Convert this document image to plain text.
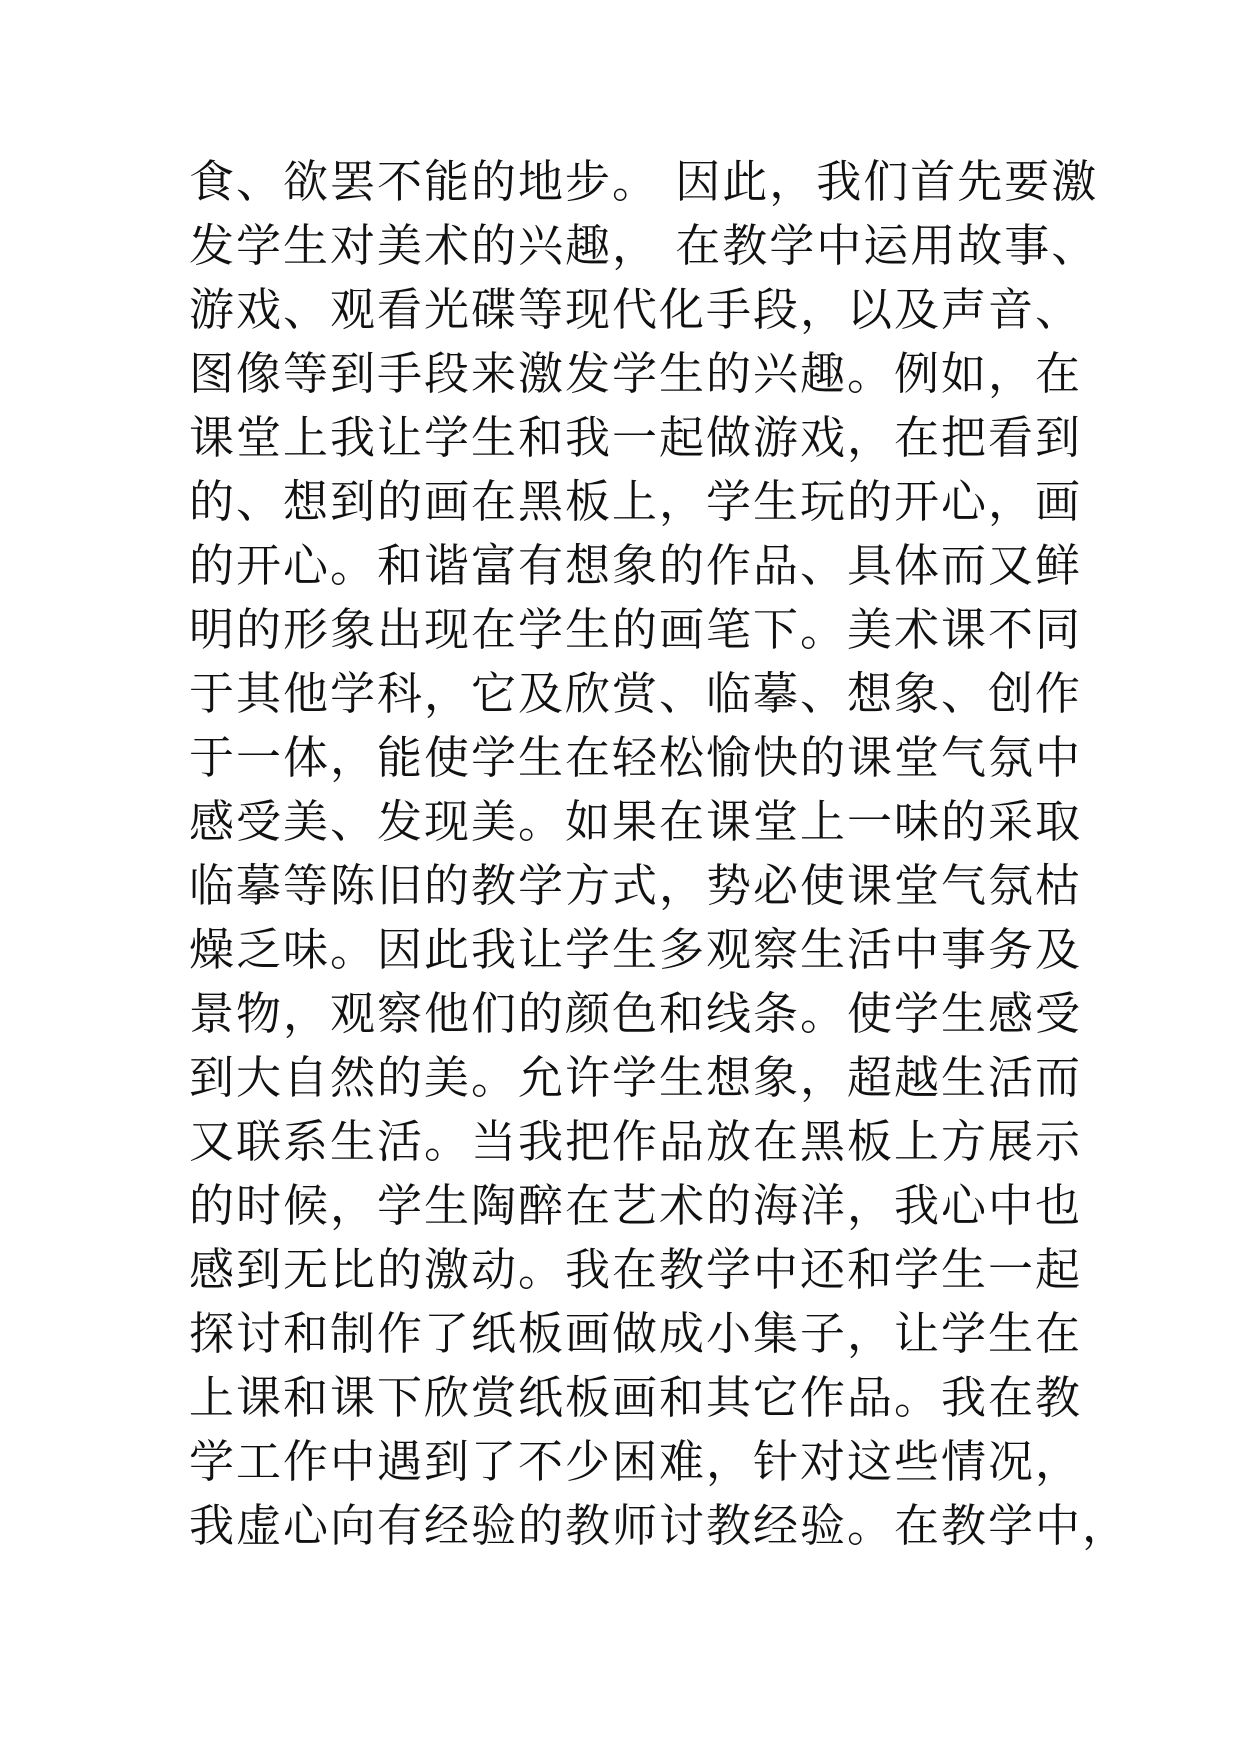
食、欲罢不能的地步。 因此，我们首先要激
发学生对美术的兴趣， 在教学中运用故事、
游戏、观看光碟等现代化手段，以及声音、
图像等到手段来激发学生的兴趣。例如，在
课堂上我让学生和我一起做游戏，在把看到
的、想到的画在黑板上，学生玩的开心，画
的开心。和谐富有想象的作品、具体而又鲜
明的形象出现在学生的画笔下。美术课不同
于其他学科，它及欣赏、临摹、想象、创作
于一体，能使学生在轻松愉快的课堂气氛中
感受美、发现美。如果在课堂上一味的采取
临摹等陈旧的教学方式，势必使课堂气氛枯
燥乏味。因此我让学生多观察生活中事务及
景物，观察他们的颜色和线条。使学生感受
到大自然的美。允许学生想象，超越生活而
又联系生活。当我把作品放在黑板上方展示
的时候，学生陶醉在艺术的海洋，我心中也
感到无比的激动。我在教学中还和学生一起
探讨和制作了纸板画做成小集子，让学生在
上课和课下欣赏纸板画和其它作品。我在教
学工作中遇到了不少困难，针对这些情况，
我虚心向有经验的教师讨教经验。在教学中，
